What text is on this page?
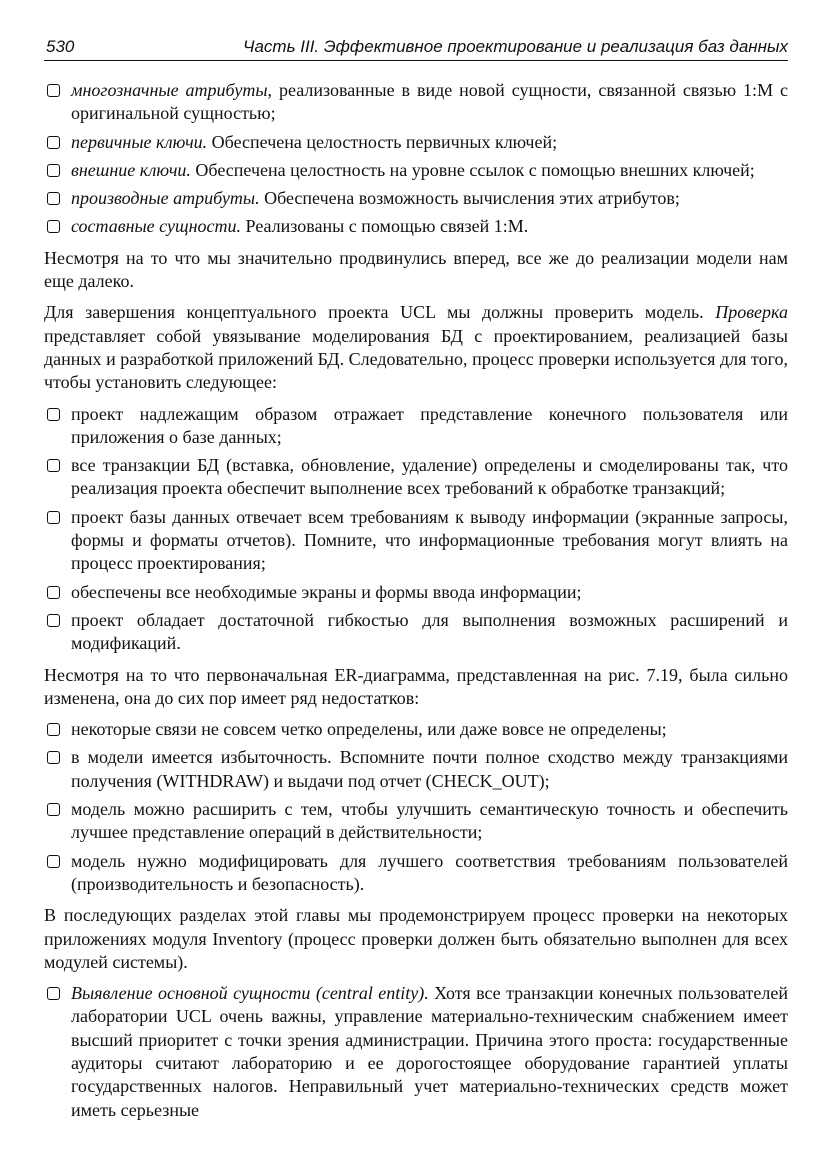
530	Часть III. Эффективное проектирование и реализация баз данных
многозначные атрибуты, реализованные в виде новой сущности, связанной связью 1:М с оригинальной сущностью;
первичные ключи. Обеспечена целостность первичных ключей;
внешние ключи. Обеспечена целостность на уровне ссылок с помощью внешних ключей;
производные атрибуты. Обеспечена возможность вычисления этих атрибутов;
составные сущности. Реализованы с помощью связей 1:М.

Несмотря на то что мы значительно продвинулись вперед, все же до реализации модели нам еще далеко.

Для завершения концептуального проекта UCL мы должны проверить модель. Проверка представляет собой увязывание моделирования БД с проектированием, реализацией базы данных и разработкой приложений БД. Следовательно, процесс проверки используется для того, чтобы установить следующее:

проект надлежащим образом отражает представление конечного пользователя или приложения о базе данных;
все транзакции БД (вставка, обновление, удаление) определены и смоделированы так, что реализация проекта обеспечит выполнение всех требований к обработке транзакций;
проект базы данных отвечает всем требованиям к выводу информации (экранные запросы, формы и форматы отчетов). Помните, что информационные требования могут влиять на процесс проектирования;
обеспечены все необходимые экраны и формы ввода информации;
проект обладает достаточной гибкостью для выполнения возможных расширений и модификаций.

Несмотря на то что первоначальная ER-диаграмма, представленная на рис. 7.19, была сильно изменена, она до сих пор имеет ряд недостатков:

некоторые связи не совсем четко определены, или даже вовсе не определены;
в модели имеется избыточность. Вспомните почти полное сходство между транзакциями получения (WITHDRAW) и выдачи под отчет (CHECK_OUT);
модель можно расширить с тем, чтобы улучшить семантическую точность и обеспечить лучшее представление операций в действительности;
модель нужно модифицировать для лучшего соответствия требованиям пользователей (производительность и безопасность).

В последующих разделах этой главы мы продемонстрируем процесс проверки на некоторых приложениях модуля Inventory (процесс проверки должен быть обязательно выполнен для всех модулей системы).

Выявление основной сущности (central entity). Хотя все транзакции конечных пользователей лаборатории UCL очень важны, управление материально-техническим снабжением имеет высший приоритет с точки зрения администрации. Причина этого проста: государственные аудиторы считают лабораторию и ее дорогостоящее оборудование гарантией уплаты государственных налогов. Неправильный учет материально-технических средств может иметь серьезные
